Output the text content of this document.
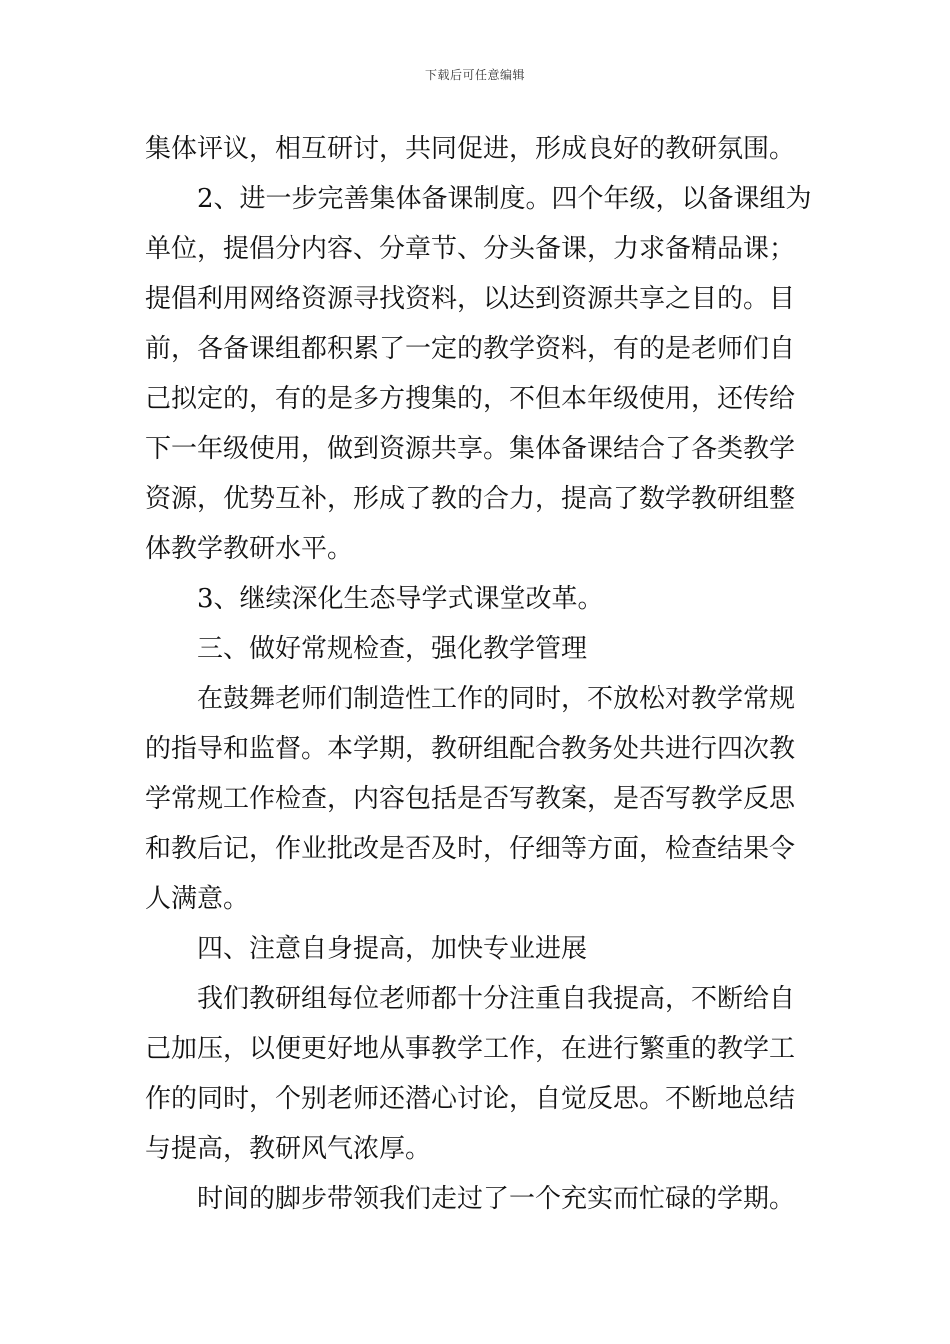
下载后可任意编辑
集体评议，相互研讨，共同促进，形成良好的教研氛围。
2、进一步完善集体备课制度。四个年级，以备课组为
单位，提倡分内容、分章节、分头备课，力求备精品课；
提倡利用网络资源寻找资料，以达到资源共享之目的。目
前，各备课组都积累了一定的教学资料，有的是老师们自
己拟定的，有的是多方搜集的，不但本年级使用，还传给
下一年级使用，做到资源共享。集体备课结合了各类教学
资源，优势互补，形成了教的合力，提高了数学教研组整
体教学教研水平。
3、继续深化生态导学式课堂改革。
三、做好常规检查，强化教学管理
在鼓舞老师们制造性工作的同时，不放松对教学常规
的指导和监督。本学期，教研组配合教务处共进行四次教
学常规工作检查，内容包括是否写教案，是否写教学反思
和教后记，作业批改是否及时，仔细等方面，检查结果令
人满意。
四、注意自身提高，加快专业进展
我们教研组每位老师都十分注重自我提高，不断给自
己加压，以便更好地从事教学工作，在进行繁重的教学工
作的同时，个别老师还潜心讨论，自觉反思。不断地总结
与提高，教研风气浓厚。
时间的脚步带领我们走过了一个充实而忙碌的学期。
